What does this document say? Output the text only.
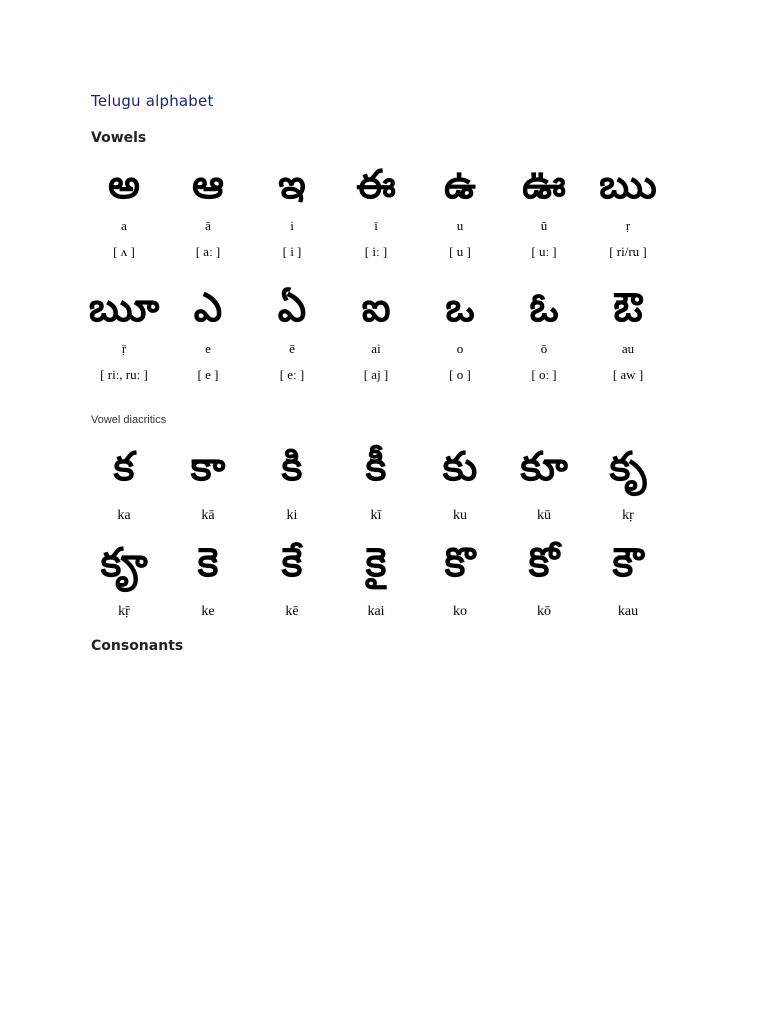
Telugu alphabet
Vowels
అ
a
[ ʌ ]
ఆ
ā
[ aː ]
ఇ
i
[ i ]
ఈ
ī
[ iː ]
ఉ
u
[ u ]
ఊ
ū
[ uː ]
ఋ
ṛ
[ ri/ru ]
ౠ
ṝ
[ riː, ruː ]
ఎ
e
[ e ]
ఏ
ē
[ eː ]
ఐ
ai
[ aj ]
ఒ
o
[ o ]
ఓ
ō
[ oː ]
ఔ
au
[ aw ]
Vowel diacritics
క
ka
క
kā
క
ki
క
kī
క
ku
క
kū
క
kṛ
క
kṝ
క
ke
క
kē
క
kai
క
ko
క
kō
క
kau
Consonants
